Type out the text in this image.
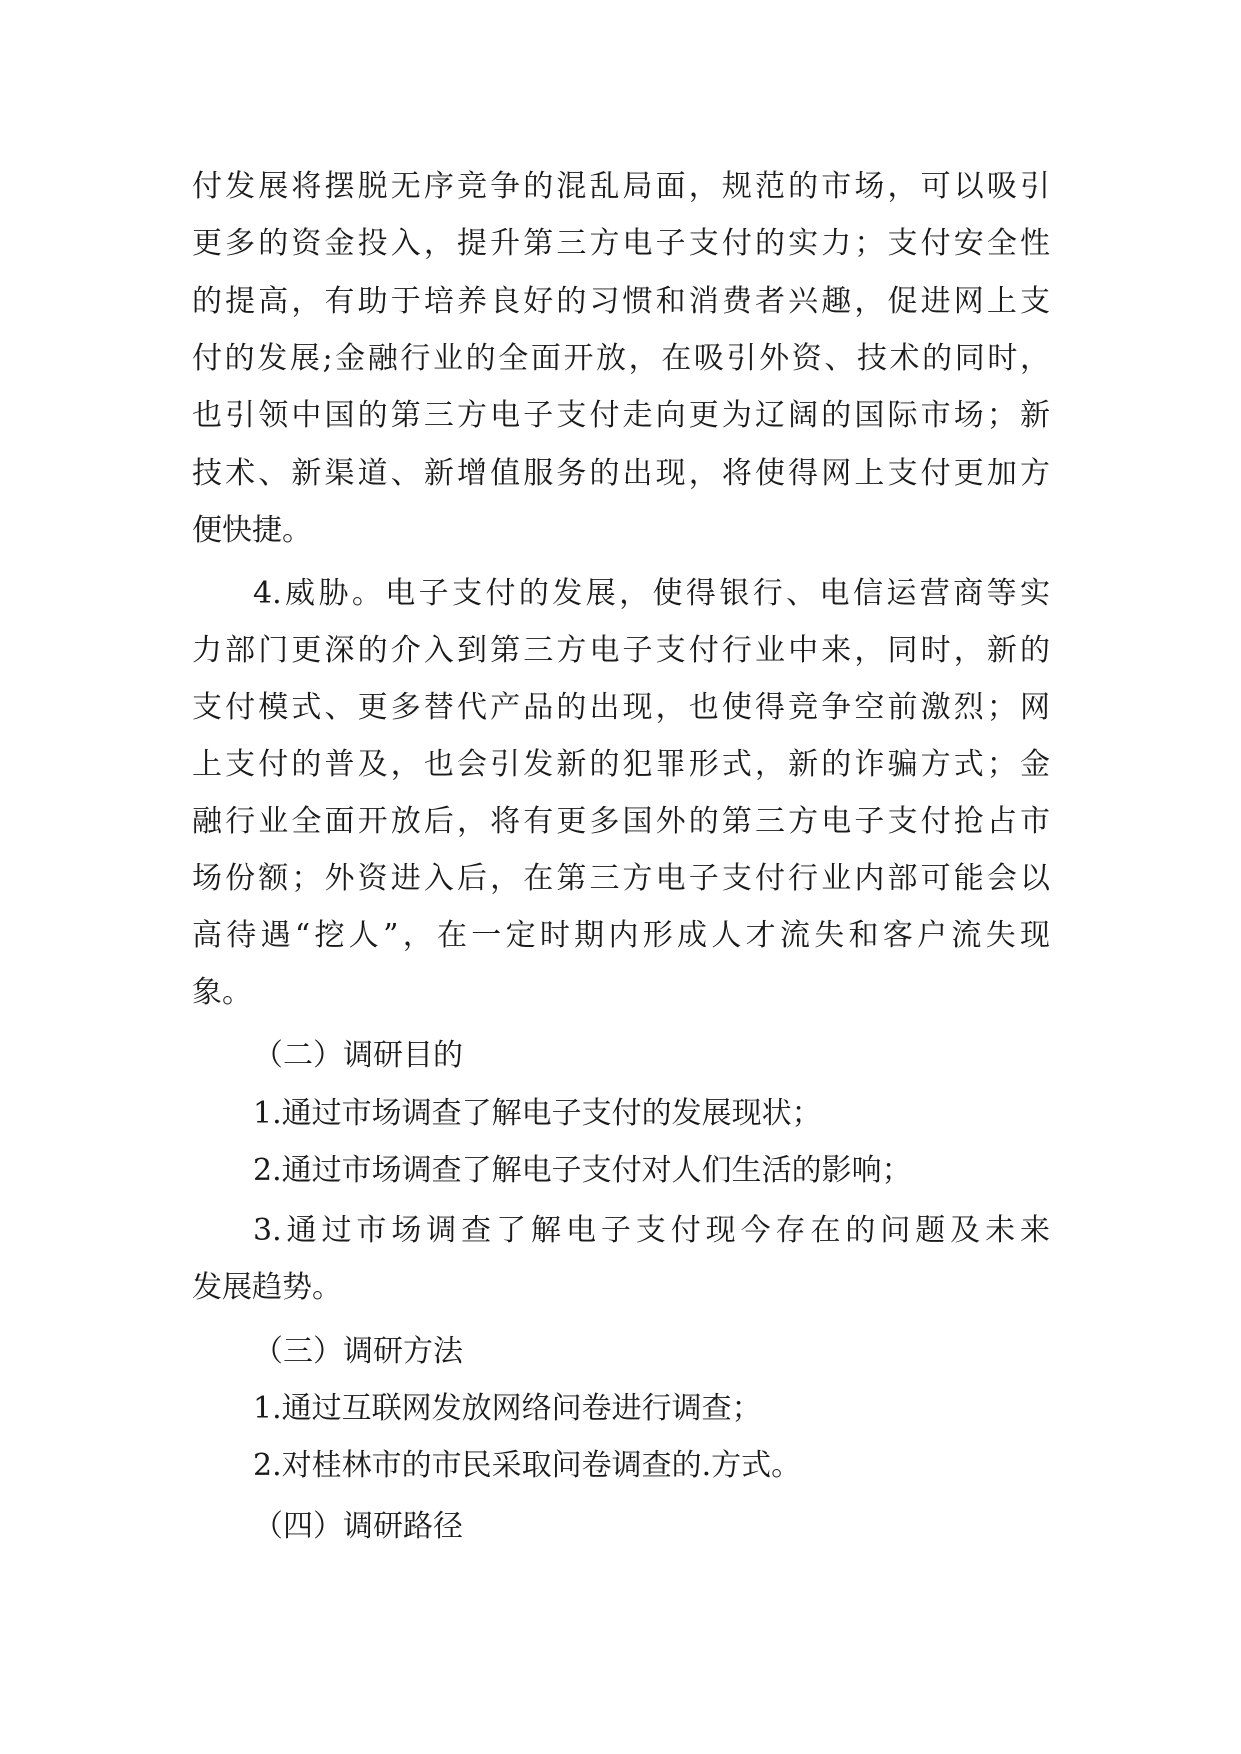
付发展将摆脱无序竞争的混乱局面，规范的市场，可以吸引
更多的资金投入，提升第三方电子支付的实力；支付安全性
的提高，有助于培养良好的习惯和消费者兴趣，促进网上支
付的发展;金融行业的全面开放，在吸引外资、技术的同时，
也引领中国的第三方电子支付走向更为辽阔的国际市场；新
技术、新渠道、新增值服务的出现，将使得网上支付更加方
便快捷。
4.威胁。电子支付的发展，使得银行、电信运营商等实
力部门更深的介入到第三方电子支付行业中来，同时，新的
支付模式、更多替代产品的出现，也使得竞争空前激烈；网
上支付的普及，也会引发新的犯罪形式，新的诈骗方式；金
融行业全面开放后，将有更多国外的第三方电子支付抢占市
场份额；外资进入后，在第三方电子支付行业内部可能会以
高待遇“挖人”，在一定时期内形成人才流失和客户流失现
象。
（二）调研目的
1.通过市场调查了解电子支付的发展现状；
2.通过市场调查了解电子支付对人们生活的影响；
3.通过市场调查了解电子支付现今存在的问题及未来
发展趋势。
（三）调研方法
1.通过互联网发放网络问卷进行调查；
2.对桂林市的市民采取问卷调查的.方式。
（四）调研路径
